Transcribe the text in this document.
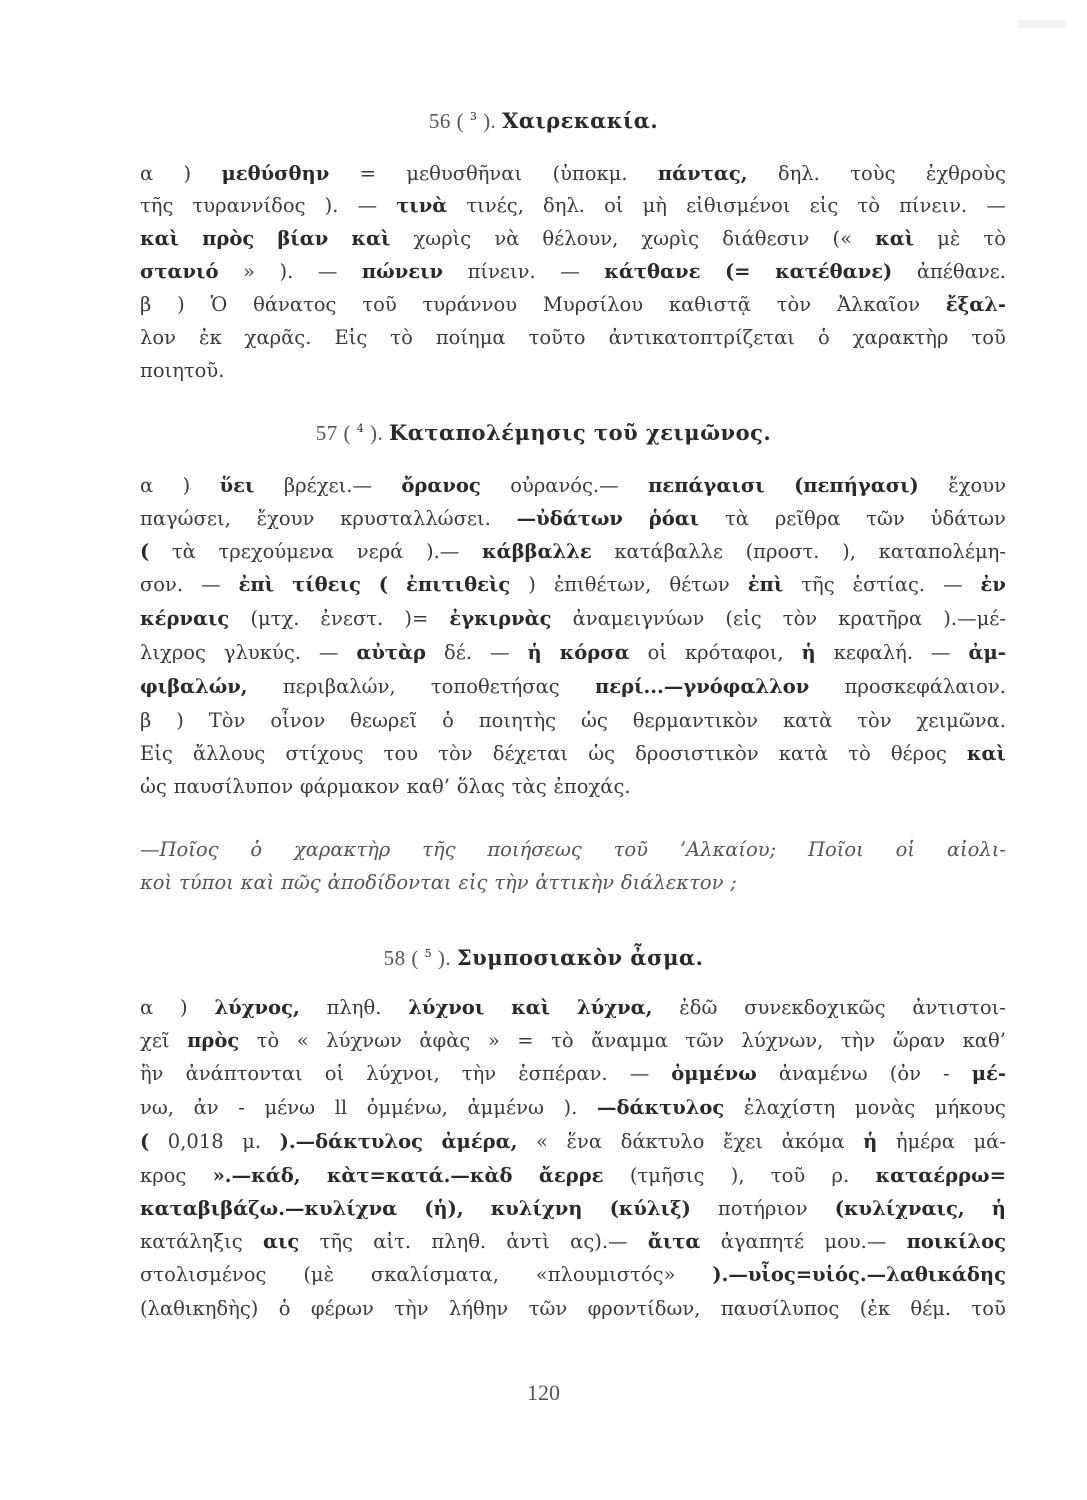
56 ( $^3$ ). Χαιρεκακία.
α ) μεθύσθην = μεθυσθῆναι (ὑποκμ. πάντας, δηλ. τοὺς ἐχθροὺς
τῆς τυραννίδος ). — τινὰ τινές, δηλ. οἱ μὴ εἰθισμένοι εἰς τὸ πίνειν. —
καὶ πρὸς βίαν καὶ χωρὶς νὰ θέλουν, χωρὶς διάθεσιν (« καὶ μὲ τὸ
στανιό » ). — πώνειν πίνειν. — κάτθανε (= κατέθανε) ἀπέθανε.
β ) Ὁ θάνατος τοῦ τυράννου Μυρσίλου καθιστᾷ τὸν Ἀλκαῖον ἔξαλ-
λον ἐκ χαρᾶς. Εἰς τὸ ποίημα τοῦτο ἀντικατοπτρίζεται ὁ χαρακτὴρ τοῦ
ποιητοῦ.
57 ( $^4$ ). Καταπολέμησις τοῦ χειμῶνος.
α ) ὕει βρέχει.— ὄρανος οὐρανός.— πεπάγαισι (πεπήγασι) ἔχουν
παγώσει, ἔχουν κρυσταλλώσει. —ὐδάτων ῥόαι τὰ ρεῖθρα τῶν ὑδάτων
( τὰ τρεχούμενα νερά ).— κάββαλλε κατάβαλλε (προστ. ), καταπολέμη-
σον. — ἐπὶ τίθεις ( ἐπιτιθεὶς ) ἐπιθέτων, θέτων ἐπὶ τῆς ἑστίας. — ἐν
κέρναις (μτχ. ἐνεστ. )= ἐγκιρνὰς ἀναμειγνύων (εἰς τὸν κρατῆρα ).—μέ-
λιχρος γλυκύς. — αὐτὰρ δέ. — ἡ κόρσα οἱ κρόταφοι, ἡ κεφαλή. — ἀμ-
φιβαλών, περιβαλών, τοποθετήσας περί...—γνόφαλλον προσκεφάλαιον.
β ) Τὸν οἶνον θεωρεῖ ὁ ποιητὴς ὡς θερμαντικὸν κατὰ τὸν χειμῶνα.
Εἰς ἄλλους στίχους του τὸν δέχεται ὡς δροσιστικὸν κατὰ τὸ θέρος καὶ
ὡς παυσίλυπον φάρμακον καθ’ ὅλας τὰς ἐποχάς.
—Ποῖος ὁ χαρακτὴρ τῆς ποιήσεως τοῦ ’Αλκαίου; Ποῖοι οἱ αἰολι-
κοὶ τύποι καὶ πῶς ἀποδίδονται εἰς τὴν ἀττικὴν διάλεκτον ;
58 ( $^5$ ). Συμποσιακὸν ἆσμα.
α ) λύχνος, πληθ. λύχνοι καὶ λύχνα, ἐδῶ συνεκδοχικῶς ἀντιστοι-
χεῖ πρὸς τὸ « λύχνων ἀφὰς » = τὸ ἄναμμα τῶν λύχνων, τὴν ὥραν καθ’
ἣν ἀνάπτονται οἱ λύχνοι, τὴν ἑσπέραν. — ὀμμένω ἀναμένω (ὀν - μέ-
νω, ἀν - μένω ll ὀμμένω, ἀμμένω ). —δάκτυλος ἐλαχίστη μονὰς μήκους
( 0,018 μ. ).—δάκτυλος ἀμέρα, « ἕνα δάκτυλο ἔχει ἀκόμα ἡ ἡμέρα μά-
κρος ».—κάδ, κὰτ=κατά.—κὰδ ἄερρε (τμῆσις ), τοῦ ρ. καταέρρω=
καταβιβάζω.—κυλίχνα (ἡ), κυλίχνη (κύλιξ) ποτήριον (κυλίχναις, ἡ
κατάληξις αις τῆς αἰτ. πληθ. ἀντὶ ας).— ἄιτα ἀγαπητέ μου.— ποικίλος
στολισμένος (μὲ σκαλίσματα, «πλουμιστός» ).—υἶος=υἱός.—λαθικάδης
(λαθικηδὴς) ὁ φέρων τὴν λήθην τῶν φροντίδων, παυσίλυπος (ἐκ θέμ. τοῦ
120
